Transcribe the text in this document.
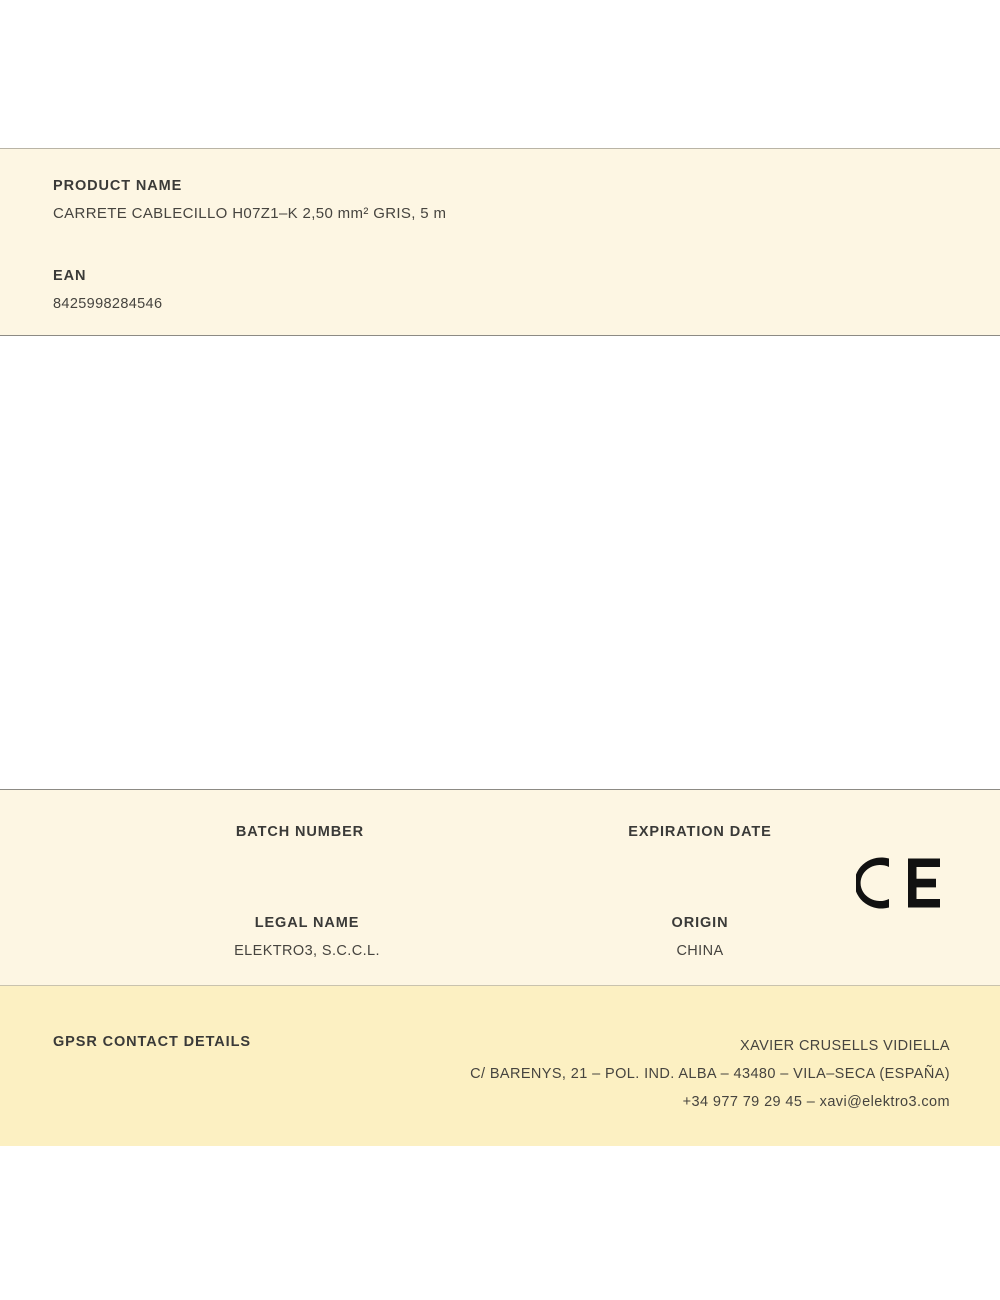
PRODUCT NAME
CARRETE CABLECILLO H07Z1–K 2,50 mm² GRIS, 5 m
EAN
8425998284546
BATCH NUMBER	EXPIRATION DATE
LEGAL NAME
ELEKTRO3, S.C.C.L.
ORIGIN
CHINA
GPSR CONTACT DETAILS	XAVIER CRUSELLS VIDIELLA
C/ BARENYS, 21 – POL. IND. ALBA – 43480 – VILA–SECA (ESPAÑA)
+34 977 79 29 45 – xavi@elektro3.com
